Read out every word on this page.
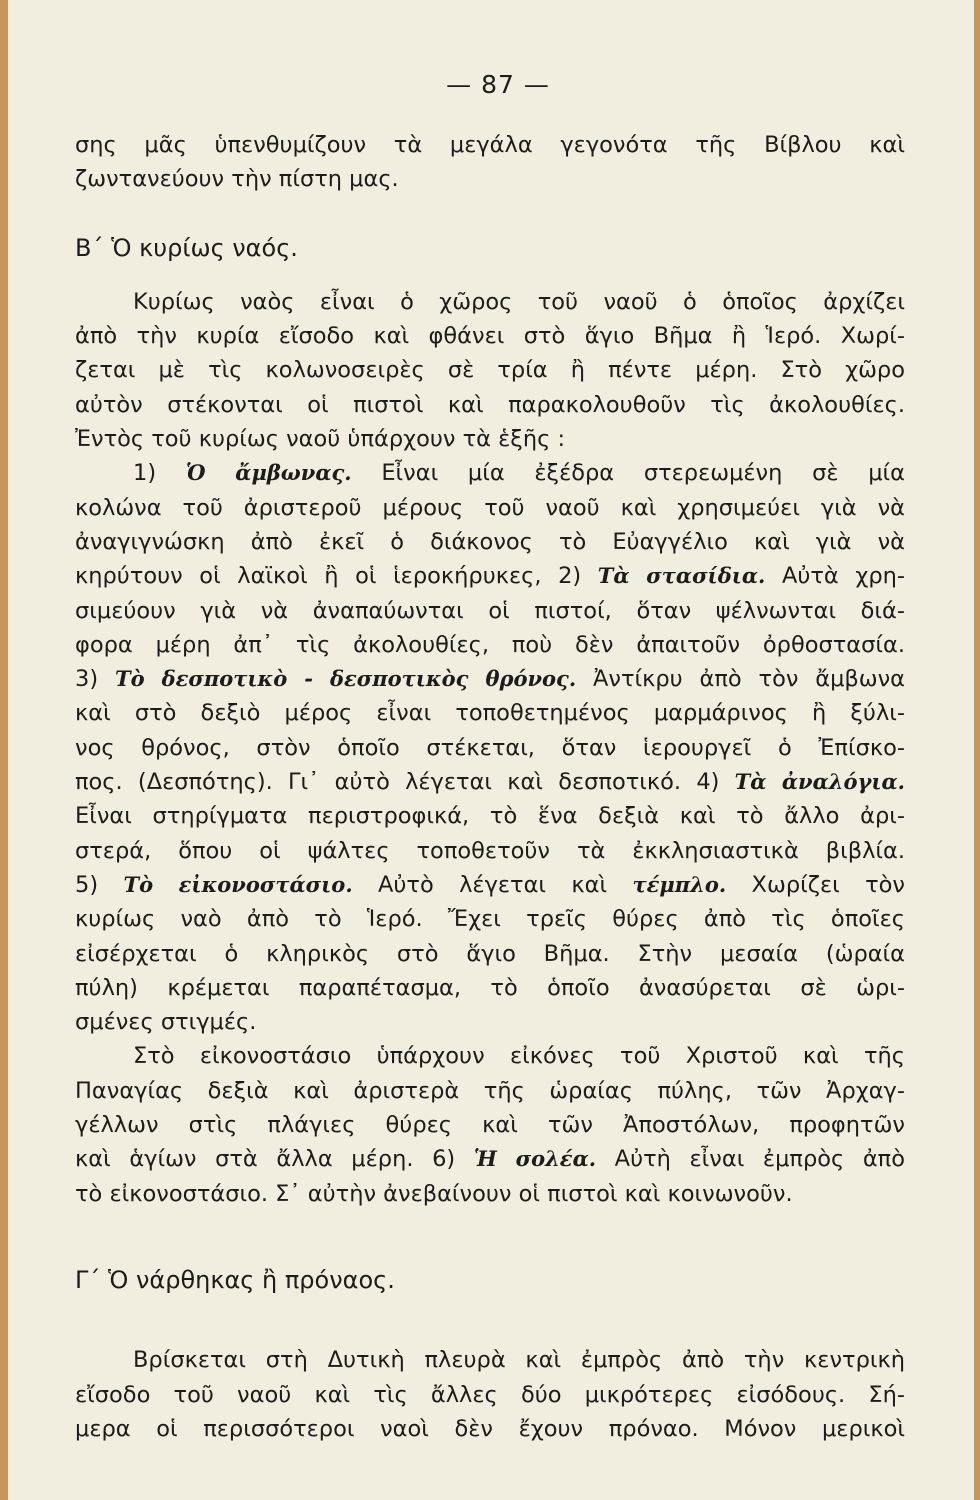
— 87 —

σης μᾶς ὑπενθυμίζουν τὰ μεγάλα γεγονότα τῆς Βίβλου καὶ

ζωντανεύουν τὴν πίστη μας.

Β΄ Ὁ κυρίως ναός.

Κυρίως ναὸς εἶναι ὁ χῶρος τοῦ ναοῦ ὁ ὁποῖος ἀρχίζει

ἀπὸ τὴν κυρία εἴσοδο καὶ φθάνει στὸ ἅγιο Βῆμα ἢ Ἱερό. Χωρί-

ζεται μὲ τὶς κολωνοσειρὲς σὲ τρία ἢ πέντε μέρη. Στὸ χῶρο

αὐτὸν στέκονται οἱ πιστοὶ καὶ παρακολουθοῦν τὶς ἀκολουθίες.

Ἐντὸς τοῦ κυρίως ναοῦ ὑπάρχουν τὰ ἑξῆς :

1) Ὁ ἄμβωνας. Εἶναι μία ἐξέδρα στερεωμένη σὲ μία

κολώνα τοῦ ἀριστεροῦ μέρους τοῦ ναοῦ καὶ χρησιμεύει γιὰ νὰ

ἀναγιγνώσκη ἀπὸ ἐκεῖ ὁ διάκονος τὸ Εὐαγγέλιο καὶ γιὰ νὰ

κηρύτουν οἱ λαϊκοὶ ἢ οἱ ἱεροκήρυκες, 2) Τὰ στασίδια. Αὐτὰ χρη-

σιμεύουν γιὰ νὰ ἀναπαύωνται οἱ πιστοί, ὅταν ψέλνωνται διά-

φορα μέρη ἀπ᾽ τὶς ἀκολουθίες, ποὺ δὲν ἀπαιτοῦν ὀρθοστασία.

3) Τὸ δεσποτικὸ - δεσποτικὸς θρόνος. Ἀντίκρυ ἀπὸ τὸν ἄμβωνα

καὶ στὸ δεξιὸ μέρος εἶναι τοποθετημένος μαρμάρινος ἢ ξύλι-

νος θρόνος, στὸν ὁποῖο στέκεται, ὅταν ἱερουργεῖ ὁ Ἐπίσκο-

πος. (Δεσπότης). Γι᾽ αὐτὸ λέγεται καὶ δεσποτικό. 4) Τὰ ἀναλόγια.

Εἶναι στηρίγματα περιστροφικά, τὸ ἕνα δεξιὰ καὶ τὸ ἄλλο ἀρι-

στερά, ὅπου οἱ ψάλτες τοποθετοῦν τὰ ἐκκλησιαστικὰ βιβλία.

5) Τὸ εἰκονοστάσιο. Αὐτὸ λέγεται καὶ τέμπλο. Χωρίζει τὸν

κυρίως ναὸ ἀπὸ τὸ Ἱερό. Ἔχει τρεῖς θύρες ἀπὸ τὶς ὁποῖες

εἰσέρχεται ὁ κληρικὸς στὸ ἅγιο Βῆμα. Στὴν μεσαία (ὡραία

πύλη) κρέμεται παραπέτασμα, τὸ ὁποῖο ἀνασύρεται σὲ ὡρι-

σμένες στιγμές.

Στὸ εἰκονοστάσιο ὑπάρχουν εἰκόνες τοῦ Χριστοῦ καὶ τῆς

Παναγίας δεξιὰ καὶ ἀριστερὰ τῆς ὡραίας πύλης, τῶν Ἀρχαγ-

γέλλων στὶς πλάγιες θύρες καὶ τῶν Ἀποστόλων, προφητῶν

καὶ ἁγίων στὰ ἄλλα μέρη. 6) Ἡ σολέα. Αὐτὴ εἶναι ἐμπρὸς ἀπὸ

τὸ εἰκονοστάσιο. Σ᾽ αὐτὴν ἀνεβαίνουν οἱ πιστοὶ καὶ κοινωνοῦν.

Γ΄ Ὁ νάρθηκας ἢ πρόναος.

Βρίσκεται στὴ Δυτικὴ πλευρὰ καὶ ἐμπρὸς ἀπὸ τὴν κεντρικὴ

εἴσοδο τοῦ ναοῦ καὶ τὶς ἄλλες δύο μικρότερες εἰσόδους. Σή-

μερα οἱ περισσότεροι ναοὶ δὲν ἔχουν πρόναο. Μόνον μερικοὶ
